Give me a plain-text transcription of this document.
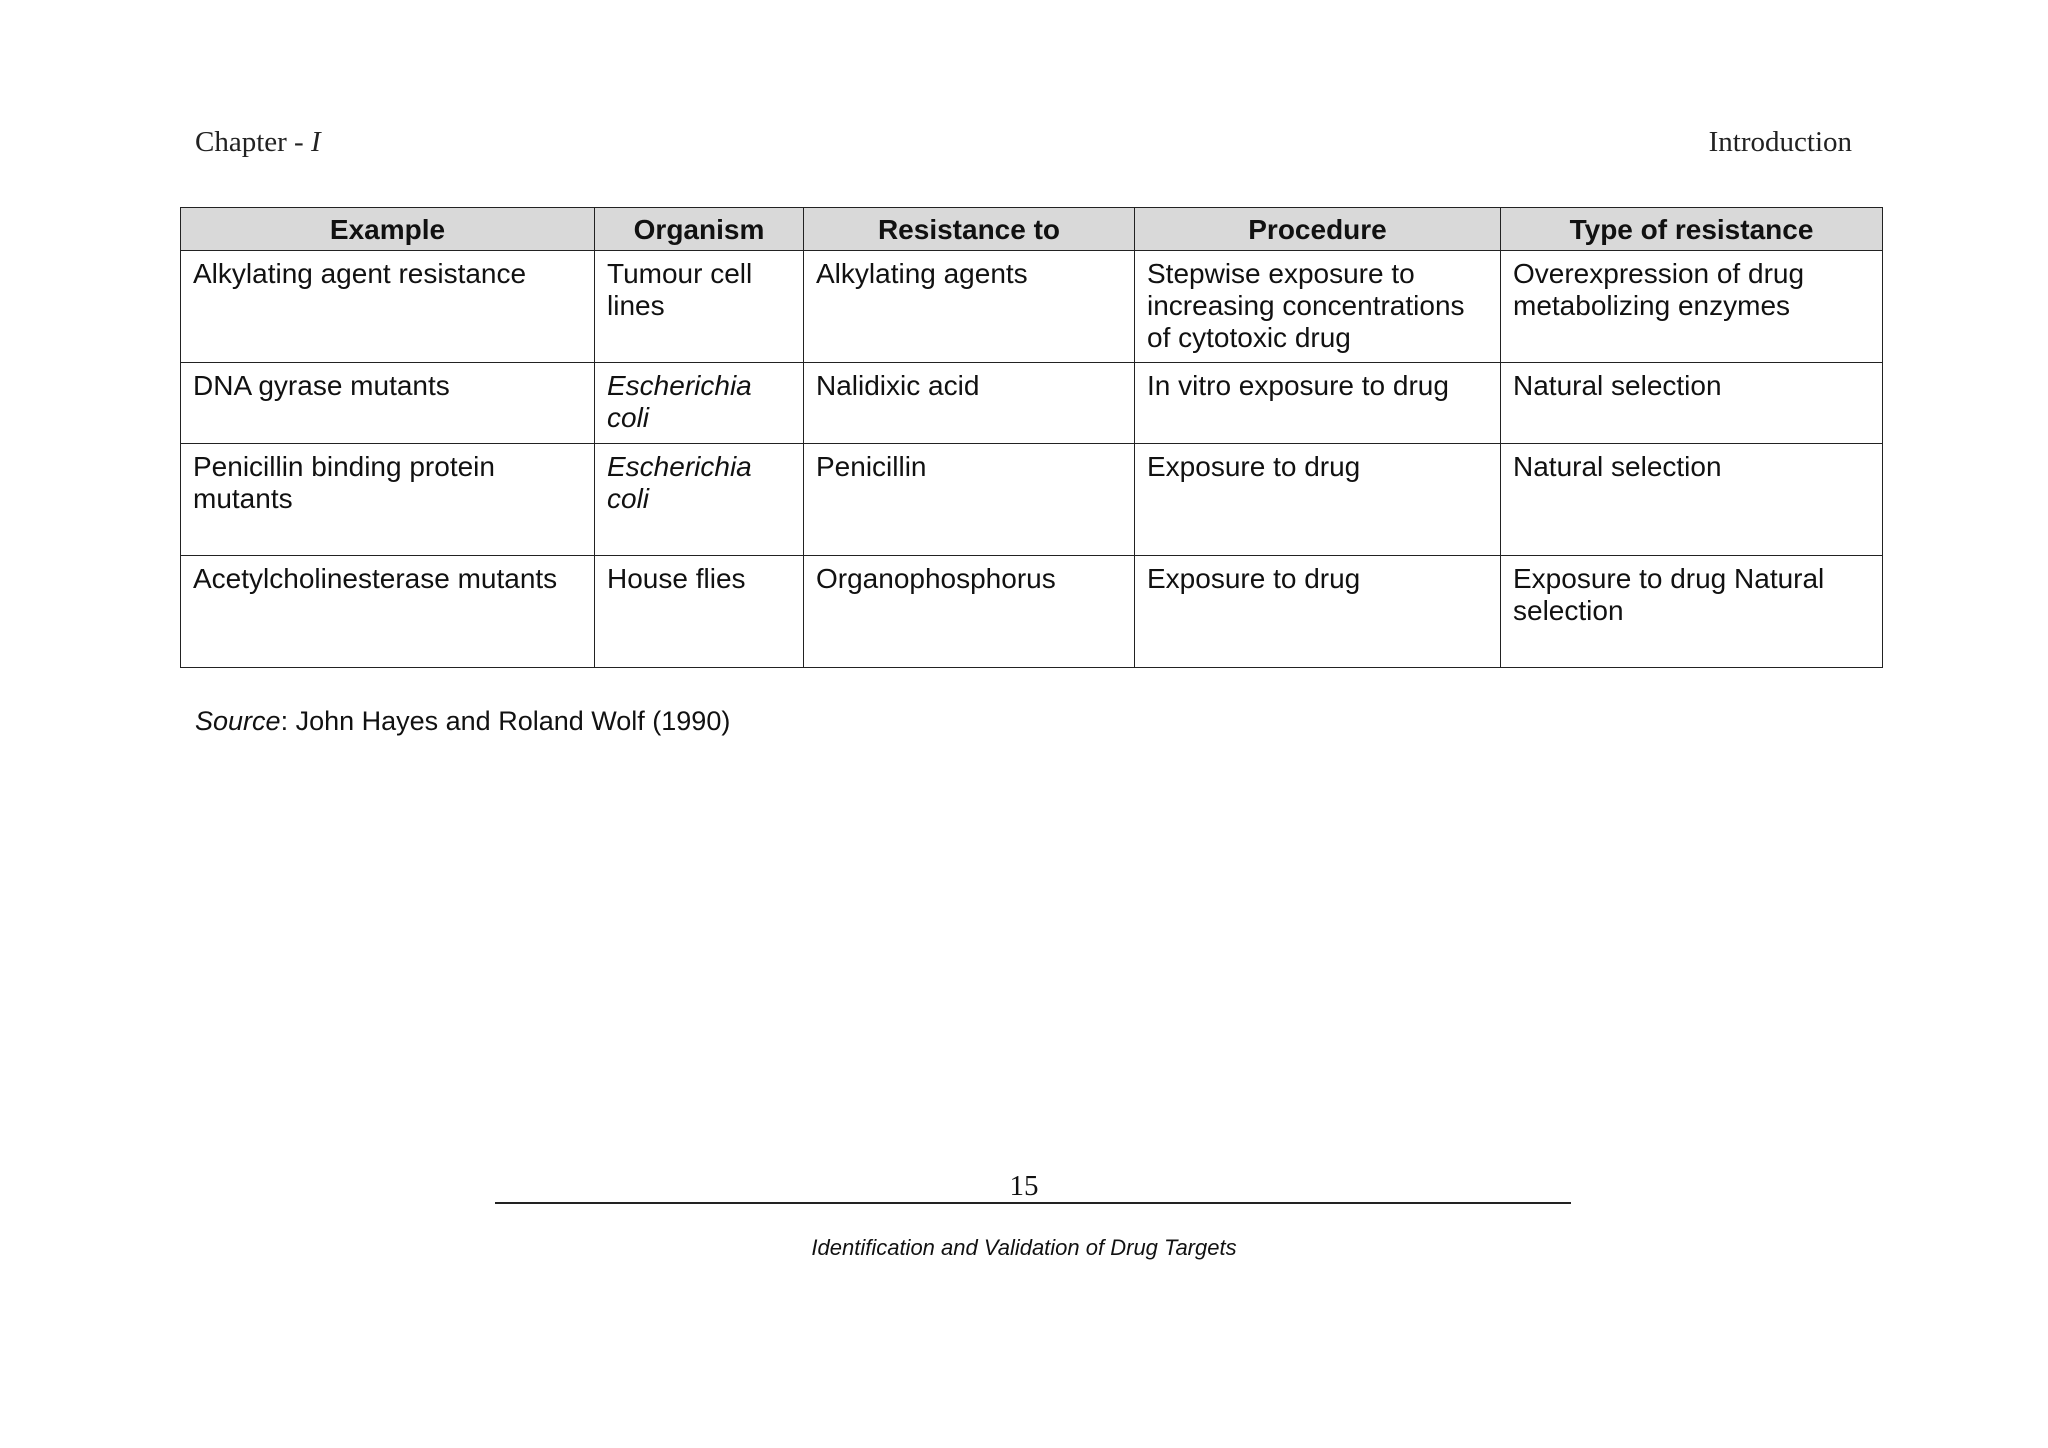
Chapter - I	Introduction
Example	Organism	Resistance to	Procedure	Type of resistance
Alkylating agent resistance	Tumour cell lines	Alkylating agents	Stepwise exposure to increasing concentrations of cytotoxic drug	Overexpression of drug metabolizing enzymes
DNA gyrase mutants	Escherichia coli	Nalidixic acid	In vitro exposure to drug	Natural selection
Penicillin binding protein mutants	Escherichia coli	Penicillin	Exposure to drug	Natural selection
Acetylcholinesterase mutants	House flies	Organophosphorus	Exposure to drug	Exposure to drug Natural selection
Source: John Hayes and Roland Wolf (1990)
15
Identification and Validation of Drug Targets
